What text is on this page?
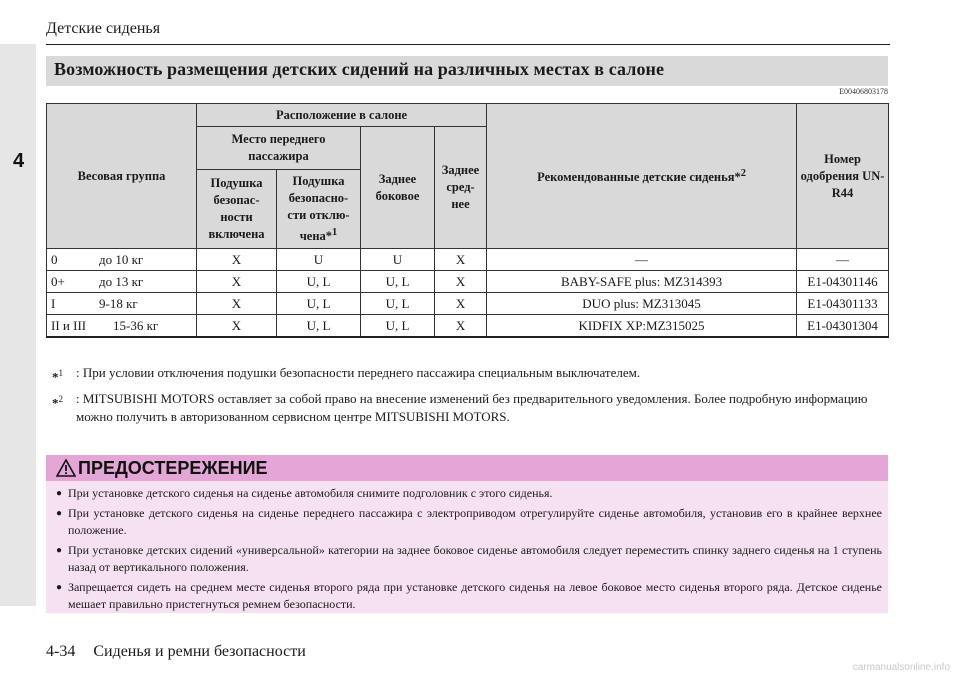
4
Детские сиденья
Возможность размещения детских сидений на различных местах в салоне
E00406803178
Весовая группа	Расположение в салоне				Рекомендованные детские сиденья*$^2$	Номер одобрения UN-R44
	Место переднего пассажира		Заднее боковое	Заднее сред-нее		
	Подушка безопас-ности включена	Подушка безопасно-сти отклю-чена*$^1$
0 до 10 кг	X	U	U	X	—	—
0+ до 13 кг	X	U, L	U, L	X	BABY-SAFE plus: MZ314393	E1-04301146
I 9-18 кг	X	U, L	U, L	X	DUO plus: MZ313045	E1-04301133
II и III 15-36 кг	X	U, L	U, L	X	KIDFIX XP:MZ315025	E1-04301304
*$^1$	: При условии отключения подушки безопасности переднего пассажира специальным выключателем.
*$^2$	: MITSUBISHI MOTORS оставляет за собой право на внесение изменений без предварительного уведомления. Более подробную информацию можно получить в авторизованном сервисном центре MITSUBISHI MOTORS.
ПРЕДОСТЕРЕЖЕНИЕ
● При установке детского сиденья на сиденье автомобиля снимите подголовник с этого сиденья.
● При установке детского сиденья на сиденье переднего пассажира с электроприводом отрегулируйте сиденье автомобиля, установив его в крайнее верхнее положение.
● При установке детских сидений «универсальной» категории на заднее боковое сиденье автомобиля следует переместить спинку заднего сиденья на 1 ступень назад от вертикального положения.
● Запрещается сидеть на среднем месте сиденья второго ряда при установке детского сиденья на левое боковое место сиденья второго ряда. Детское сиденье мешает правильно пристегнуться ремнем безопасности.
4-34 Сиденья и ремни безопасности
carmanualsonline.info
